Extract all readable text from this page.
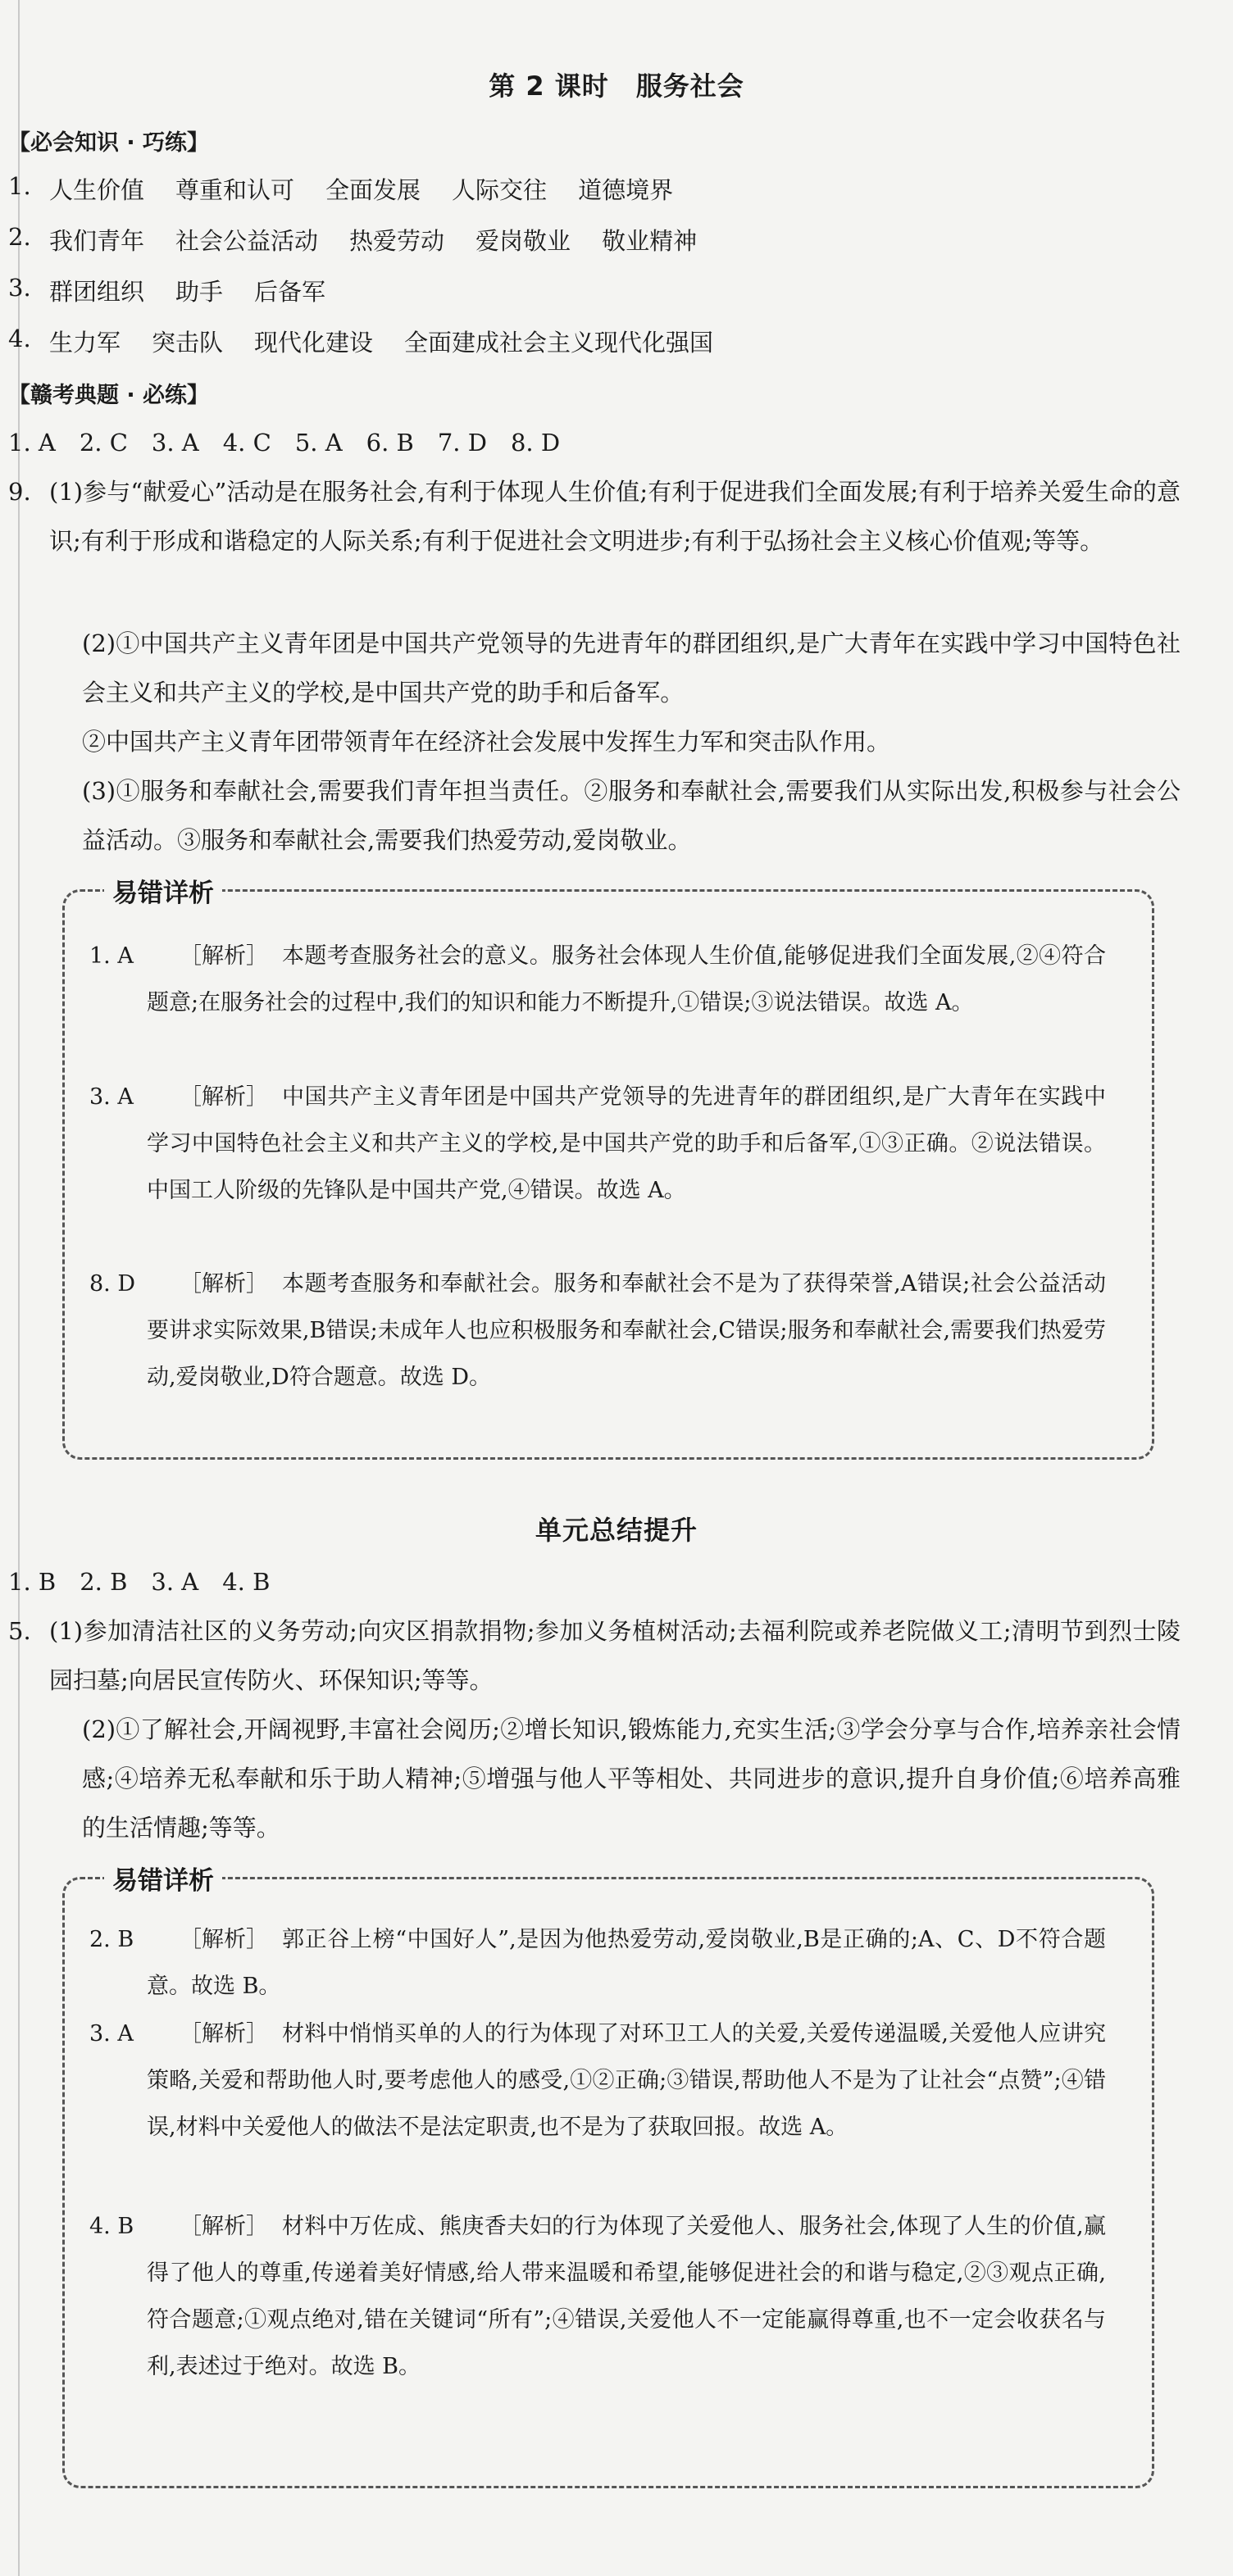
第 2 课时　服务社会
【必会知识 · 巧练】
1. 人生价值 尊重和认可 全面发展 人际交往 道德境界
2. 我们青年 社会公益活动 热爱劳动 爱岗敬业 敬业精神
3. 群团组织 助手 后备军
4. 生力军 突击队 现代化建设 全面建成社会主义现代化强国
【赣考典题 · 必练】
1. A　2. C　3. A　4. C　5. A　6. B　7. D　8. D
9. (1)参与“献爱心”活动是在服务社会,有利于体现人生价值;有利于促进我们全面发展;有利于培养关爱生命的意识;有利于形成和谐稳定的人际关系;有利于促进社会文明进步;有利于弘扬社会主义核心价值观;等等。
(2)①中国共产主义青年团是中国共产党领导的先进青年的群团组织,是广大青年在实践中学习中国特色社会主义和共产主义的学校,是中国共产党的助手和后备军。
②中国共产主义青年团带领青年在经济社会发展中发挥生力军和突击队作用。
(3)①服务和奉献社会,需要我们青年担当责任。②服务和奉献社会,需要我们从实际出发,积极参与社会公益活动。③服务和奉献社会,需要我们热爱劳动,爱岗敬业。
易错详析
1. A	［解析］ 本题考查服务社会的意义。服务社会体现人生价值,能够促进我们全面发展,②④符合题意;在服务社会的过程中,我们的知识和能力不断提升,①错误;③说法错误。故选 A。
3. A	［解析］ 中国共产主义青年团是中国共产党领导的先进青年的群团组织,是广大青年在实践中学习中国特色社会主义和共产主义的学校,是中国共产党的助手和后备军,①③正确。②说法错误。中国工人阶级的先锋队是中国共产党,④错误。故选 A。
8. D	［解析］ 本题考查服务和奉献社会。服务和奉献社会不是为了获得荣誉,A错误;社会公益活动要讲求实际效果,B错误;未成年人也应积极服务和奉献社会,C错误;服务和奉献社会,需要我们热爱劳动,爱岗敬业,D符合题意。故选 D。
单元总结提升
1. B　2. B　3. A　4. B
5. (1)参加清洁社区的义务劳动;向灾区捐款捐物;参加义务植树活动;去福利院或养老院做义工;清明节到烈士陵园扫墓;向居民宣传防火、环保知识;等等。
(2)①了解社会,开阔视野,丰富社会阅历;②增长知识,锻炼能力,充实生活;③学会分享与合作,培养亲社会情感;④培养无私奉献和乐于助人精神;⑤增强与他人平等相处、共同进步的意识,提升自身价值;⑥培养高雅的生活情趣;等等。
易错详析
2. B	［解析］ 郭正谷上榜“中国好人”,是因为他热爱劳动,爱岗敬业,B是正确的;A、C、D不符合题意。故选 B。
3. A	［解析］ 材料中悄悄买单的人的行为体现了对环卫工人的关爱,关爱传递温暖,关爱他人应讲究策略,关爱和帮助他人时,要考虑他人的感受,①②正确;③错误,帮助他人不是为了让社会“点赞”;④错误,材料中关爱他人的做法不是法定职责,也不是为了获取回报。故选 A。
4. B	［解析］ 材料中万佐成、熊庚香夫妇的行为体现了关爱他人、服务社会,体现了人生的价值,赢得了他人的尊重,传递着美好情感,给人带来温暖和希望,能够促进社会的和谐与稳定,②③观点正确,符合题意;①观点绝对,错在关键词“所有”;④错误,关爱他人不一定能赢得尊重,也不一定会收获名与利,表述过于绝对。故选 B。
